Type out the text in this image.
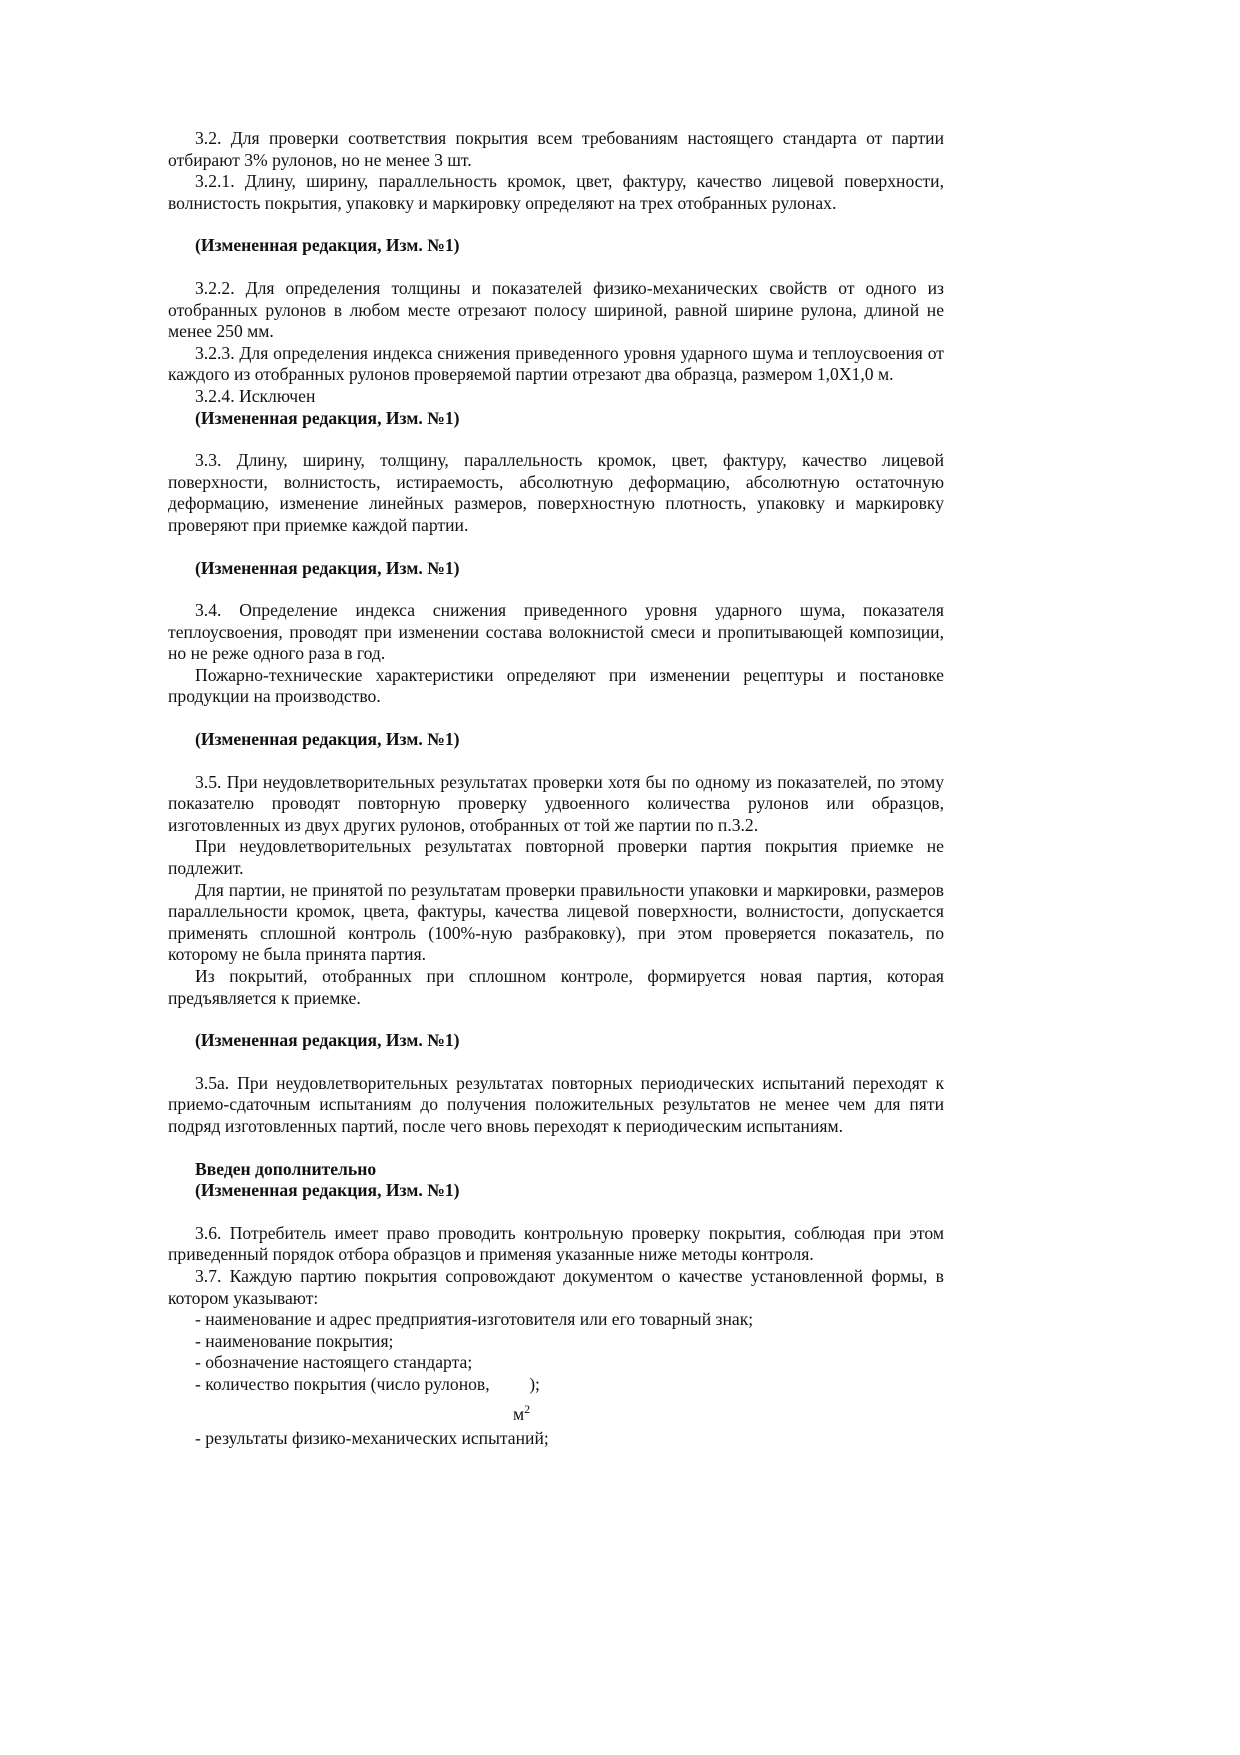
3.2. Для проверки соответствия покрытия всем требованиям настоящего стандарта от партии отбирают 3% рулонов, но не менее 3 шт.

3.2.1. Длину, ширину, параллельность кромок, цвет, фактуру, качество лицевой поверхности, волнистость покрытия, упаковку и маркировку определяют на трех отобранных рулонах.

(Измененная редакция, Изм. №1)

3.2.2. Для определения толщины и показателей физико-механических свойств от одного из отобранных рулонов в любом месте отрезают полосу шириной, равной ширине рулона, длиной не менее 250 мм.

3.2.3. Для определения индекса снижения приведенного уровня ударного шума и теплоусвоения от каждого из отобранных рулонов проверяемой партии отрезают два образца, размером 1,0X1,0 м.

3.2.4. Исключен

(Измененная редакция, Изм. №1)

3.3. Длину, ширину, толщину, параллельность кромок, цвет, фактуру, качество лицевой поверхности, волнистость, истираемость, абсолютную деформацию, абсолютную остаточную деформацию, изменение линейных размеров, поверхностную плотность, упаковку и маркировку проверяют при приемке каждой партии.

(Измененная редакция, Изм. №1)

3.4. Определение индекса снижения приведенного уровня ударного шума, показателя теплоусвоения, проводят при изменении состава волокнистой смеси и пропитывающей композиции, но не реже одного раза в год.

Пожарно-технические характеристики определяют при изменении рецептуры и постановке продукции на производство.

(Измененная редакция, Изм. №1)

3.5. При неудовлетворительных результатах проверки хотя бы по одному из показателей, по этому показателю проводят повторную проверку удвоенного количества рулонов или образцов, изготовленных из двух других рулонов, отобранных от той же партии по п.3.2.

При неудовлетворительных результатах повторной проверки партия покрытия приемке не подлежит.

Для партии, не принятой по результатам проверки правильности упаковки и маркировки, размеров параллельности кромок, цвета, фактуры, качества лицевой поверхности, волнистости, допускается применять сплошной контроль (100%-ную разбраковку), при этом проверяется показатель, по которому не была принята партия.

Из покрытий, отобранных при сплошном контроле, формируется новая партия, которая предъявляется к приемке.

(Измененная редакция, Изм. №1)

3.5а. При неудовлетворительных результатах повторных периодических испытаний переходят к приемо-сдаточным испытаниям до получения положительных результатов не менее чем для пяти подряд изготовленных партий, после чего вновь переходят к периодическим испытаниям.

Введен дополнительно

(Измененная редакция, Изм. №1)

3.6. Потребитель имеет право проводить контрольную проверку покрытия, соблюдая при этом приведенный порядок отбора образцов и применяя указанные ниже методы контроля.

3.7. Каждую партию покрытия сопровождают документом о качестве установленной формы, в котором указывают:

- наименование и адрес предприятия-изготовителя или его товарный знак;

- наименование покрытия;

- обозначение настоящего стандарта;

- количество покрытия (число рулонов,         );

$м^2$

- результаты физико-механических испытаний;
